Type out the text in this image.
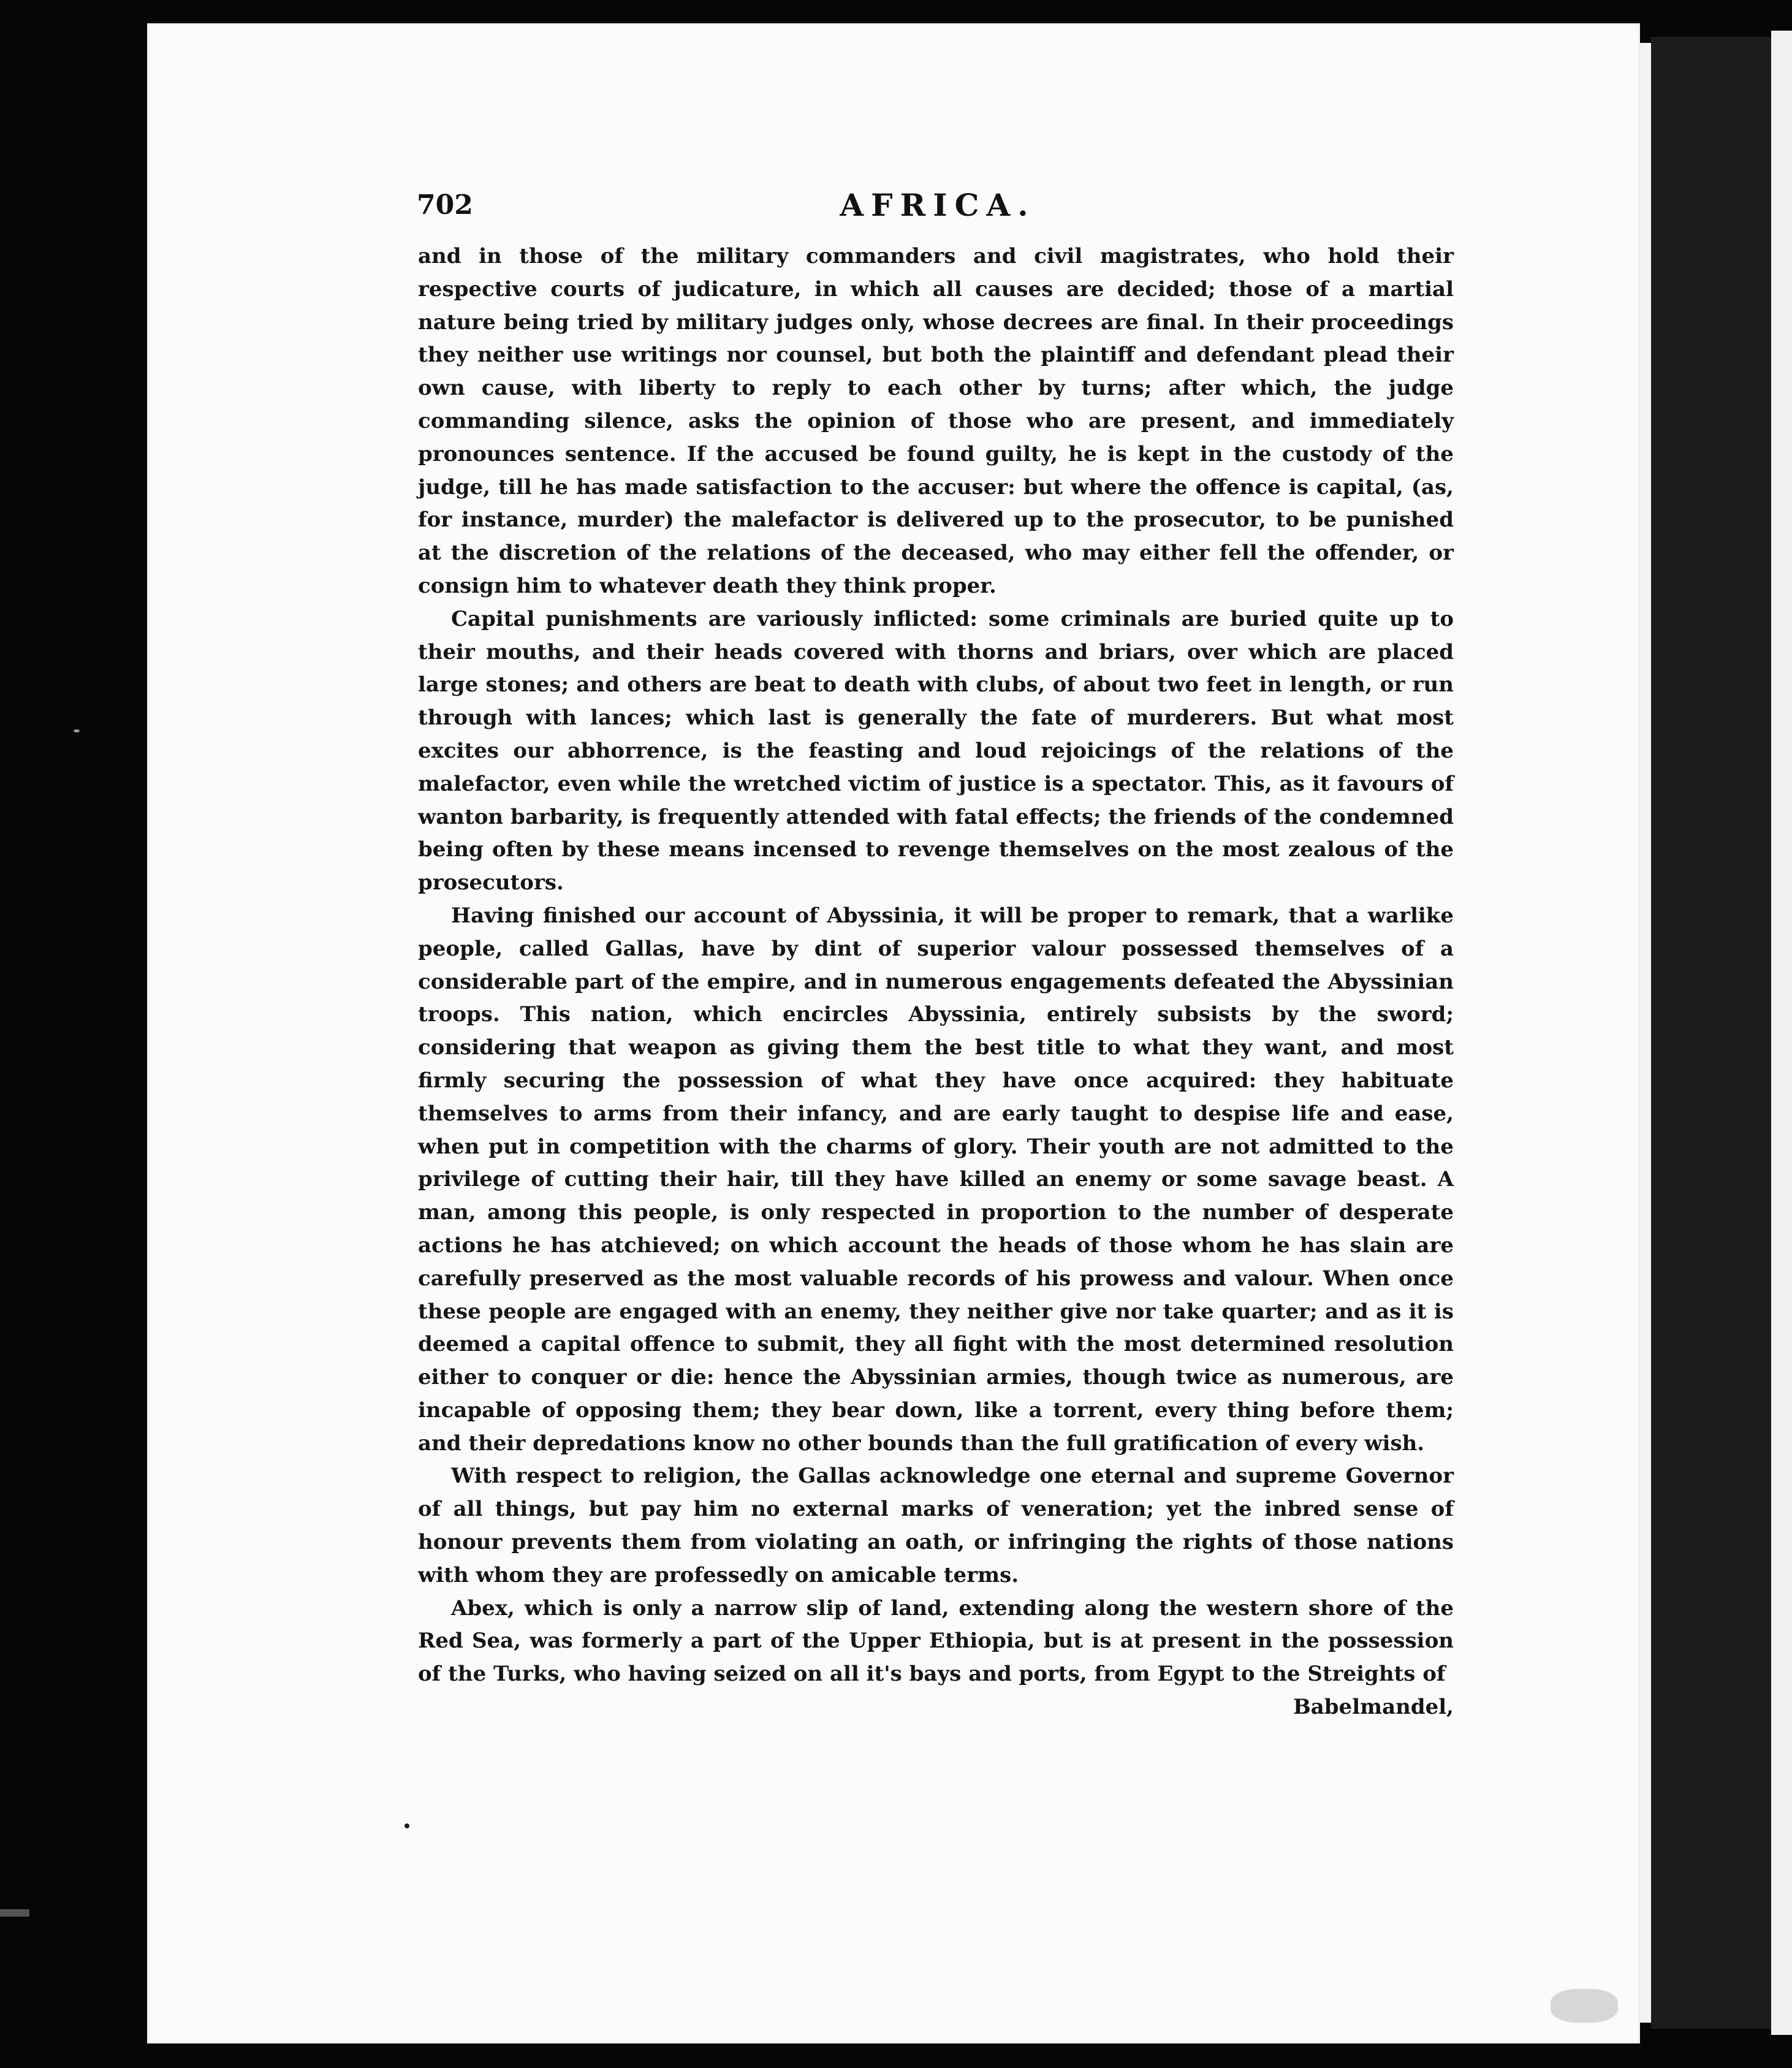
702	AFRICA.

and in those of the military commanders and civil magistrates, who hold their respective courts of judicature, in which all causes are decided; those of a martial nature being tried by military judges only, whose decrees are final. In their proceedings they neither use writings nor counsel, but both the plaintiff and defendant plead their own cause, with liberty to reply to each other by turns; after which, the judge commanding silence, asks the opinion of those who are present, and immediately pronounces sentence. If the accused be found guilty, he is kept in the custody of the judge, till he has made satisfaction to the accuser: but where the offence is capital, (as, for instance, murder) the malefactor is delivered up to the prosecutor, to be punished at the discretion of the relations of the deceased, who may either fell the offender, or consign him to whatever death they think proper.

Capital punishments are variously inflicted: some criminals are buried quite up to their mouths, and their heads covered with thorns and briars, over which are placed large stones; and others are beat to death with clubs, of about two feet in length, or run through with lances; which last is generally the fate of murderers. But what most excites our abhorrence, is the feasting and loud rejoicings of the relations of the malefactor, even while the wretched victim of justice is a spectator. This, as it favours of wanton barbarity, is frequently attended with fatal effects; the friends of the condemned being often by these means incensed to revenge themselves on the most zealous of the prosecutors.

Having finished our account of Abyssinia, it will be proper to remark, that a warlike people, called Gallas, have by dint of superior valour possessed themselves of a considerable part of the empire, and in numerous engagements defeated the Abyssinian troops. This nation, which encircles Abyssinia, entirely subsists by the sword; considering that weapon as giving them the best title to what they want, and most firmly securing the possession of what they have once acquired: they habituate themselves to arms from their infancy, and are early taught to despise life and ease, when put in competition with the charms of glory. Their youth are not admitted to the privilege of cutting their hair, till they have killed an enemy or some savage beast. A man, among this people, is only respected in proportion to the number of desperate actions he has atchieved; on which account the heads of those whom he has slain are carefully preserved as the most valuable records of his prowess and valour. When once these people are engaged with an enemy, they neither give nor take quarter; and as it is deemed a capital offence to submit, they all fight with the most determined resolution either to conquer or die: hence the Abyssinian armies, though twice as numerous, are incapable of opposing them; they bear down, like a torrent, every thing before them; and their depredations know no other bounds than the full gratification of every wish.

With respect to religion, the Gallas acknowledge one eternal and supreme Governor of all things, but pay him no external marks of veneration; yet the inbred sense of honour prevents them from violating an oath, or infringing the rights of those nations with whom they are professedly on amicable terms.

Abex, which is only a narrow slip of land, extending along the western shore of the Red Sea, was formerly a part of the Upper Ethiopia, but is at present in the possession of the Turks, who having seized on all it's bays and ports, from Egypt to the Streights of

Babelmandel,
